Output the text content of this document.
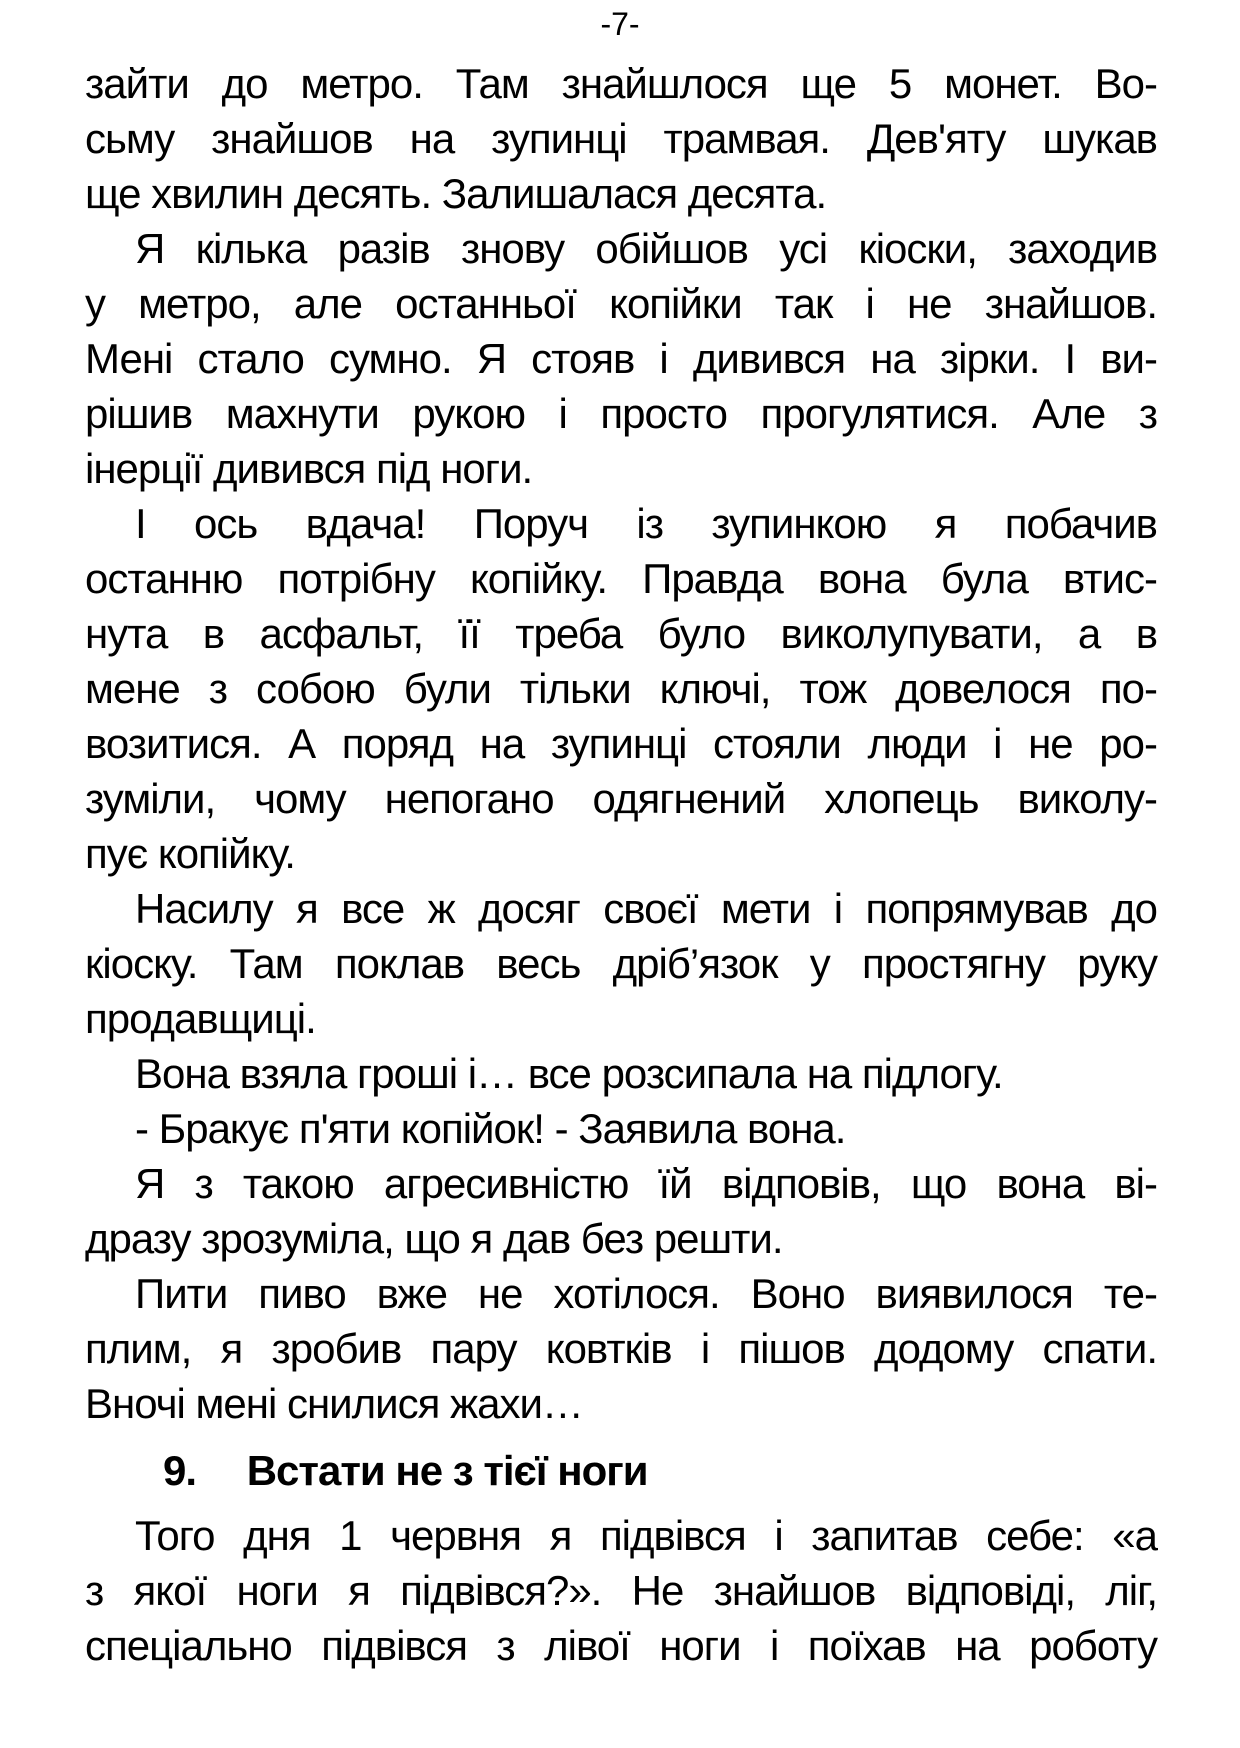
-7-

зайти до метро. Там знайшлося ще 5 монет. Во-
сьму знайшов на зупинці трамвая. Дев'яту шукав
ще хвилин десять. Залишалася десята.

Я кілька разів знову обійшов усі кіоски, заходив
у метро, але останньої копійки так і не знайшов.
Мені стало сумно. Я стояв і дивився на зірки. І ви-
рішив махнути рукою і просто прогулятися. Але з
інерції дивився під ноги.

І ось вдача! Поруч із зупинкою я побачив
останню потрібну копійку. Правда вона була втис-
нута в асфальт, її треба було виколупувати, а в
мене з собою були тільки ключі, тож довелося по-
возитися. А поряд на зупинці стояли люди і не ро-
зуміли, чому непогано одягнений хлопець виколу-
пує копійку.

Насилу я все ж досяг своєї мети і попрямував до
кіоску. Там поклав весь дріб’язок у простягну руку
продавщиці.

Вона взяла гроші і… все розсипала на підлогу.

- Бракує п'яти копійок! - Заявила вона.

Я з такою агресивністю їй відповів, що вона ві-
дразу зрозуміла, що я дав без решти.

Пити пиво вже не хотілося. Воно виявилося те-
плим, я зробив пару ковтків і пішов додому спати.
Вночі мені снилися жахи…

9. Встати не з тієї ноги

Того дня 1 червня я підвівся і запитав себе: «а
з якої ноги я підвівся?». Не знайшов відповіді, ліг,
спеціально підвівся з лівої ноги і поїхав на роботу
